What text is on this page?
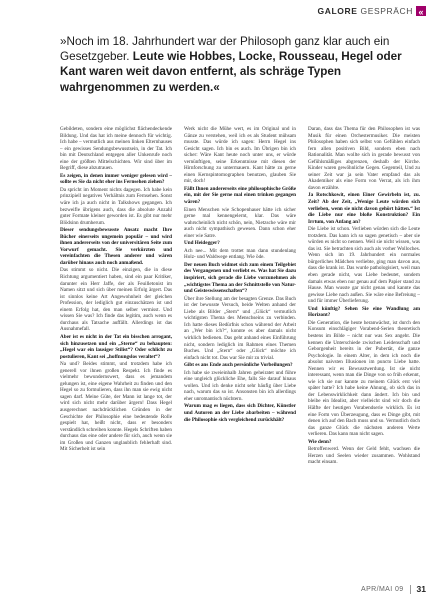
GALORE GESPRÄCH «

»Noch im 18. Jahrhundert war der Philosoph ganz klar auch ein Gesetzgeber. Leute wie Hobbes, Locke, Rousseau, Hegel oder Kant waren weit davon entfernt, als schräge Typen wahrgenommen zu werden.«

Gebildeten, sondern eine möglichst flächendeckende Bildung. Und das hat ich meine dennoch für wichtig. Ich habe – vermutlich aus meinen linken Elternhauses – ein gewisses Sendungsbewusstsein, in der Tat. Ich bin mit Deutschland entgegen aller Unkenrufe noch eine der größten Mittelschichten. Wir sind über im Begriff, diese abzutrauen.

Es zeigen, in denen immer weniger gelesen wird – sollte es Sie da nicht eher ins Fernsehen ziehen?

Da spricht im Moment nichts dagegen. Ich habe kein prinzipiell negatives Verhältnis zum Fernsehen. Sonst wäre ich ja auch nicht in Talkshows gegangen. Ich bezweifle übrigens auch, dass die absolute Anzahl guter Formate kleiner geworden ist. Es gibt nur mehr Blödsinn drumherum.

Dieser sendungsbewusste Ansatz macht Ihre Bücher einerseits ungemein populär – und wird ihnen andererseits von der universitären Seite zum Vorwurf gemacht. Sie verkürzten und vereinfachten die Thesen anderer und wären darüber hinaus auch noch anmaßend.

Das stimmt so nicht. Die einzigen, die in diese Richtung argumentiert haben, sind ein paar Kritiker, darunter ein Herr Jaffe, der als Feuilletonist im Namen sitzt und sich über meinen Erfolg ärgert. Das ist sinnlos keine Art Angewohnheit der gleichen Profession, der lediglich gut einzuschätzen ist und einem Erfolg hat, den man selber vermisst. Und wissen Sie was? Ich finde das legitim, auch wenn es durchaus als Tatsache auffällt. Allerdings ist das Ausnahmefall.

Aber ist es nicht in der Tat ein bisschen arrogant, sich hinzusetzen und ein „Sterne“ zu behaupten: „Hegel war ein lausiger Stilist“? Oder schlicht zu postulieren, Kant sei „hoffnungslos veraltet“?

Na und? Beides stimmt, und trotzdem habe ich generell vor ihnen großen Respekt. Ich finde es vielmehr bewundernswert, dass es jemandem gelungen ist, eine eigene Wahrheit zu finden und den Hegel so zu formulieren, dass ihn man sie ewig nicht sagen darf. Meine Güte, der Mann ist lange tot, der wird sich nicht mehr darüber ärgern! Dass Hegel ausgerechnet nachdrücklichen Gründen in der Geschichte der Philosophie eine bedeutende Rolle gespielt hat, heißt nicht, dass er besonders verständlich schreiben konnte. Hegels Schriften haben durchaus das eine oder andere für sich, auch wenn sie im Großen und Ganzen unglaublich fehlerhaft sind. Mit Sicherheit ist sein

Werk nicht die Mühe wert, es im Original und in Gänze zu verstehen, weil ich es als Student mühsam musste. Das würde ich sagen: Herrn Hegel ins Gesicht sagen. Ich bin es auch. Im Übrigen bin ich sicher: Wäre Kant heute noch unter uns, er würde vernünftigen, seine Erkenntnisse mit diesen der Hirnforschung zu untermauern. Kant hätte zu gerne einen Kernspintomographen benutzen, glauben Sie mir, doch!

Fällt Ihnen andererseits eine philosophische Größe ein, mit der Sie gerne mal einen trinken gegangen wären?

Einen Menschen wie Schopenhauer hätte ich sicher gerne mal kennengelernt, klar. Das wäre wahrscheinlich nicht schön, nein, Nietzsche wäre mir auch nicht sympathisch gewesen. Dann schon eher einer wie Satre.

Und Heidegger?

Ach nee... Mit dem trottet man dann stundenlang Holz- und Waldwege entlang. Wie öde.

Der neuen Buch widmet sich zum einem Teilgebiet des Vergangenen und verliebt es. Was hat Sie dazu inspiriert, sich gerade die Liebe vorzunehmen als „wichtigstes Thema an der Schnittstelle von Natur- und Geisteswissenschaften“?

Über ihre Stellung am der besagten Grenze. Das Buch ist der bewusste Versuch, beide Welten anhand der Liebe als Bilder „Stern“ und „Glück“ vermutlich wichtigsten Thema des Menschseins zu verbinden. Ich hatte dieses Bedürfnis schon während der Arbeit an „Wer bin ich?“, konnte es aber damals nicht wirklich bedienen. Das geht anhand eines Einführung nicht, sondern lediglich im Rahmen eines Themen Buches. Und „Stern“ oder „Glück“ möchte ich einfach nicht tot. Das war Sie mir zu trivial.

Gibt es ans Ende auch persönliche Vorbeilungen?

Ich habe sie zweieinhalb Jahren geheiratet und führe eine ungleich glückliche Ehe, falls Sie darauf hinaus wollen. Und ich denke nicht sehr häufig über Liebe nach, warum das so ist. Ansonsten bin ich allerdings eher unromantisch nüchtern.

Warum mag es liegen, dass sich Dichter, Künstler und Autoren an der Liebe abarbeiten – während die Philosophie sich vergleichend zurückhält?

Daran, dass das Thema für den Philosophen ist was Musik für einen Orchestermusiker. Die meisten Philosophen haben sich selbst von Gefühlen einfach fern allen positiven Bild, sondern eben nach Rationalität. Man wollte sich in gerade bewusst von Gefühlsmäßiges abgrenzen, deshalb der Kirche. Kinder waren gewöhnliche Gegen. Gegenteil, Und zu seiner Zeit war ja sein Vater empfand das als Akademiker als eine Form von Verrat, als ich ihm davon erzählte.

Ja Rotschkowit, einen Einer Gewirbeln ist, zu. Zeit? Ab der Zeit, „Wenige Leute würden sich verlieben, wenn sie nicht davon gehört hätten.“ Ist die Liebe nur eine bloße Konstruktion? Ein Irrtum, von Anfang an?

Die Liebe ist schon. Verlieben würden sich die Leute trotzdem. Das kann ich so sagen genetisch – aber sie würden es nicht so nennen. Weil sie nicht wissen, was das ist. Sie betrachten sich auch als vorher Wolloches. Wenn sich im 19. Jahrhundert ein normales bürgerliches Mädchen verliebte, ging man davon aus, dass die krank ist. Das wurde pathologisiert, weil man eben gerade nicht, was Liebe bedeutet, sondern damals etwas eben nur genau auf dem Papier stand zu Hause. Man wusste gar nicht genau und kannte das gewisse Liebe nach außen. Sie wäre eine Befreiung – und für immer Überlieferung.

Und künftig? Sehen Sie eine Wandlung am Horizont?

Die Generation, die heute heranwächst, ist durch den Konsum einschlägiger Vorabend-Serien theoretisch bestens im Bilde – nicht nur was Sex angeht. Die kennen die Unterschiede zwischen Leidenschaft und Geborgenheit bereits in der Pubertät, die ganze Psychologie. In einem Alter, in dem ich noch die absolut naivsten Illusionen im puncto Liebe hatte. Nennen wir es Bewusstwerdung. Ist sie nicht interessant, wenn man die Dinge von so früh erkennt, wie ich sie nur kannte zu meinem Glück erst viel später hatte? Ich habe keine Ahnung, ob sich das in der Lebenswirklichkeit dann ändert. Ich bin und bleibe ein Idealist, aber vielleicht sind wir doch die Hälfte der heutigen Vorabendserie wirklich. Es ist eine Form von Überzeugung, dass es Dinge gibt, mit denen ich auf den Bach muss und so. Vermutlich doch das ganze Glück die nächsten anderen Werte verlieren. Das kann man nicht sagen.

Wie denn?

Betroffenwerd. Wenn der Geld fehlt, wachsen die Herzen und Seelen wieder zusammen. Wohlstand macht einsam.

APR/MAI 09 31
